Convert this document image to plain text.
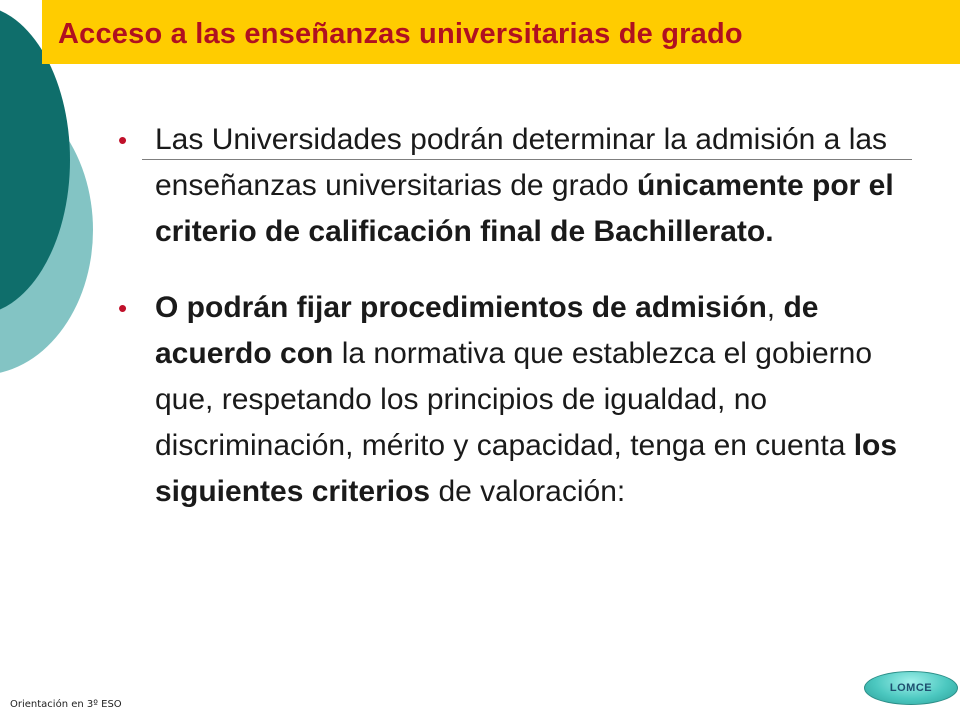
Acceso a las enseñanzas universitarias de grado
• Las Universidades podrán determinar la admisión a las enseñanzas universitarias de grado únicamente por el criterio de calificación final de Bachillerato.
• O podrán fijar procedimientos de admisión, de acuerdo con la normativa que establezca el gobierno que, respetando los principios de igualdad, no discriminación, mérito y capacidad, tenga en cuenta los siguientes criterios de valoración:
Orientación en 3º ESO
LOMCE
